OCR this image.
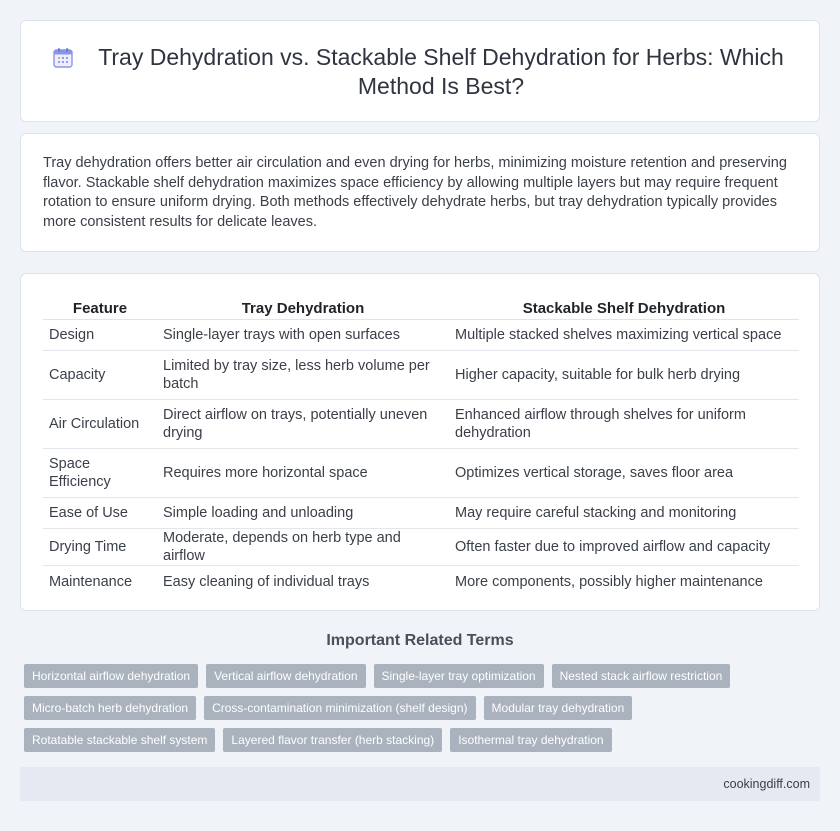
Tray Dehydration vs. Stackable Shelf Dehydration for Herbs: Which Method Is Best?

Tray dehydration offers better air circulation and even drying for herbs, minimizing moisture retention and preserving flavor. Stackable shelf dehydration maximizes space efficiency by allowing multiple layers but may require frequent rotation to ensure uniform drying. Both methods effectively dehydrate herbs, but tray dehydration typically provides more consistent results for delicate leaves.

Feature	Tray Dehydration	Stackable Shelf Dehydration
Design	Single-layer trays with open surfaces	Multiple stacked shelves maximizing vertical space
Capacity	Limited by tray size, less herb volume per batch	Higher capacity, suitable for bulk herb drying
Air Circulation	Direct airflow on trays, potentially uneven drying	Enhanced airflow through shelves for uniform dehydration
Space Efficiency	Requires more horizontal space	Optimizes vertical storage, saves floor area
Ease of Use	Simple loading and unloading	May require careful stacking and monitoring
Drying Time	Moderate, depends on herb type and airflow	Often faster due to improved airflow and capacity
Maintenance	Easy cleaning of individual trays	More components, possibly higher maintenance
Important Related Terms
Horizontal airflow dehydration	Vertical airflow dehydration	Single-layer tray optimization	Nested stack airflow restriction
Micro-batch herb dehydration	Cross-contamination minimization (shelf design)	Modular tray dehydration
Rotatable stackable shelf system	Layered flavor transfer (herb stacking)	Isothermal tray dehydration
cookingdiff.com
